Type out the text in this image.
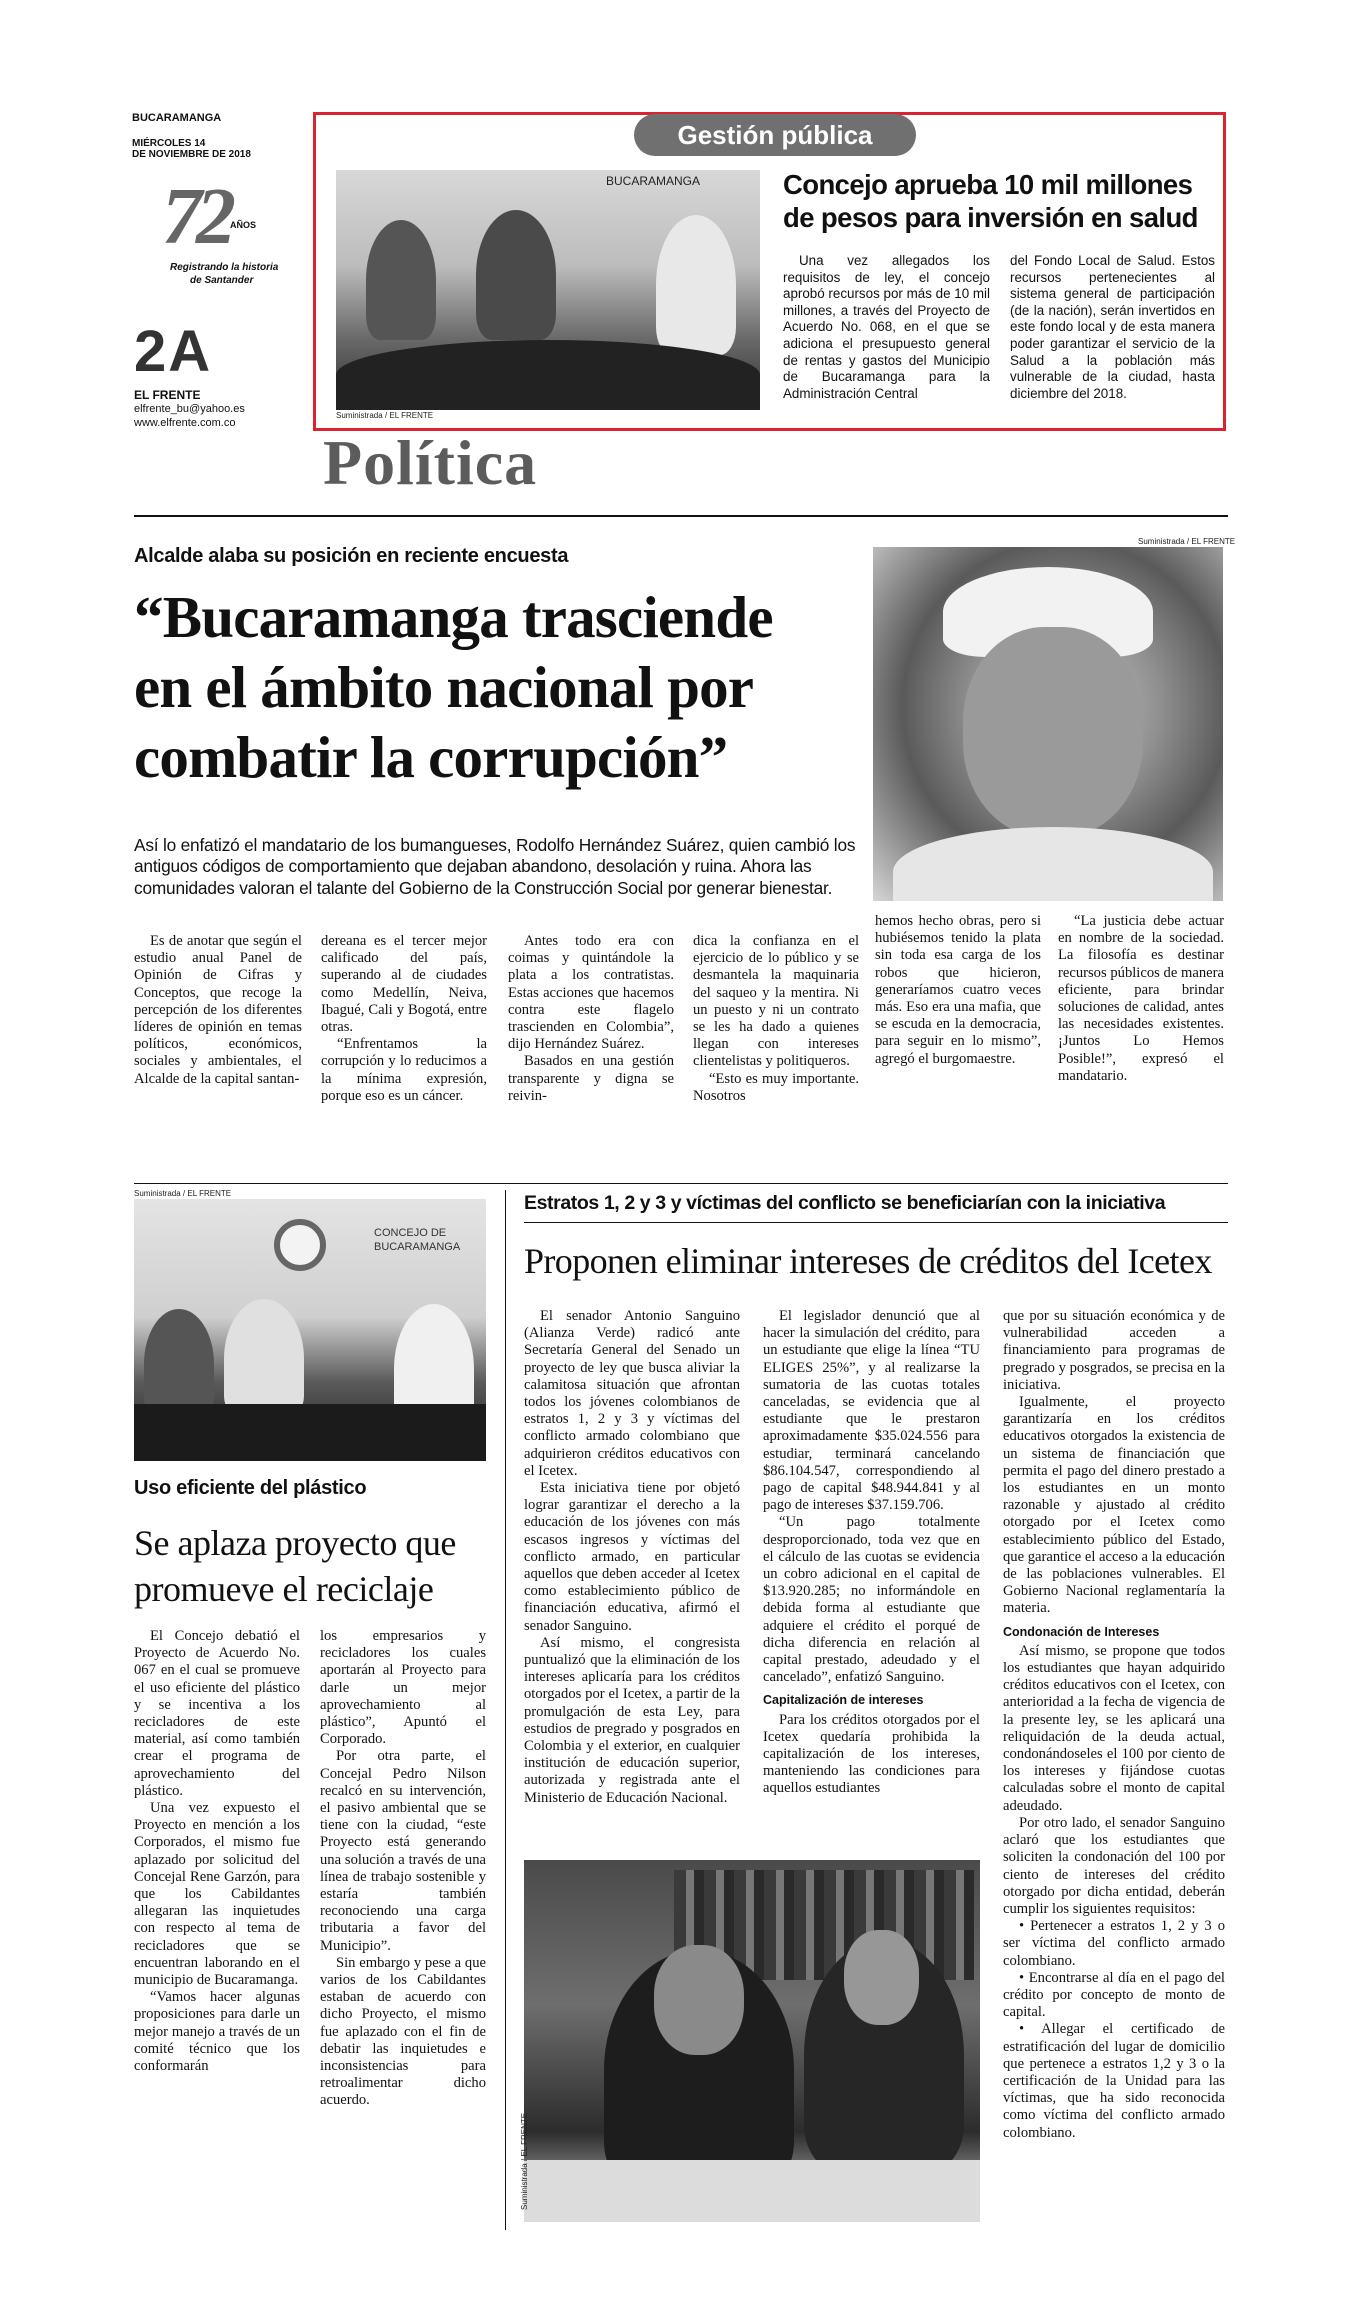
BUCARAMANGA
MIÉRCOLES 14
DE NOVIEMBRE DE 2018
72 AÑOS
Registrando la historia
de Santander
2A
EL FRENTE
elfrente_bu@yahoo.es
www.elfrente.com.co
Gestión pública
BUCARAMANGA
Suministrada / EL FRENTE
Concejo aprueba 10 mil millones
de pesos para inversión en salud

Una vez allegados los requisitos de ley, el concejo aprobó recursos por más de 10 mil millones, a través del Proyecto de Acuerdo No. 068, en el que se adiciona el presupuesto general de rentas y gastos del Municipio de Bucaramanga para la Administración Central

del Fondo Local de Salud. Estos recursos pertenecientes al sistema general de participación (de la nación), serán invertidos en este fondo local y de esta manera poder garantizar el servicio de la Salud a la población más vulnerable de la ciudad, hasta diciembre del 2018.

Política
Alcalde alaba su posición en reciente encuesta
“Bucaramanga trasciende
en el ámbito nacional por
combatir la corrupción”
Suministrada / EL FRENTE
Así lo enfatizó el mandatario de los bumangueses, Rodolfo Hernández Suárez, quien cambió los antiguos códigos de comportamiento que dejaban abandono, desolación y ruina. Ahora las comunidades valoran el talante del Gobierno de la Construcción Social por generar bienestar.

Es de anotar que según el estudio anual Panel de Opinión de Cifras y Conceptos, que recoge la percepción de los diferentes líderes de opinión en temas políticos, económicos, sociales y ambientales, el Alcalde de la capital santan-

dereana es el tercer mejor calificado del país, superando al de ciudades como Medellín, Neiva, Ibagué, Cali y Bogotá, entre otras.

“Enfrentamos la corrupción y lo reducimos a la mínima expresión, porque eso es un cáncer.

Antes todo era con coimas y quintándole la plata a los contratistas. Estas acciones que hacemos contra este flagelo trascienden en Colombia”, dijo Hernández Suárez.

Basados en una gestión transparente y digna se reivin-

dica la confianza en el ejercicio de lo público y se desmantela la maquinaria del saqueo y la mentira. Ni un puesto y ni un contrato se les ha dado a quienes llegan con intereses clientelistas y politiqueros.

“Esto es muy importante. Nosotros

hemos hecho obras, pero si hubiésemos tenido la plata sin toda esa carga de los robos que hicieron, generaríamos cuatro veces más. Eso era una mafia, que se escuda en la democracia, para seguir en lo mismo”, agregó el burgomaestre.

“La justicia debe actuar en nombre de la sociedad. La filosofía es destinar recursos públicos de manera eficiente, para brindar soluciones de calidad, antes las necesidades existentes. ¡Juntos Lo Hemos Posible!”, expresó el mandatario.

Suministrada / EL FRENTE
CONCEJO DE
BUCARAMANGA
Uso eficiente del plástico
Se aplaza proyecto que
promueve el reciclaje

El Concejo debatió el Proyecto de Acuerdo No. 067 en el cual se promueve el uso eficiente del plástico y se incentiva a los recicladores de este material, así como también crear el programa de aprovechamiento del plástico.

Una vez expuesto el Proyecto en mención a los Corporados, el mismo fue aplazado por solicitud del Concejal Rene Garzón, para que los Cabildantes allegaran las inquietudes con respecto al tema de recicladores que se encuentran laborando en el municipio de Bucaramanga.

“Vamos hacer algunas proposiciones para darle un mejor manejo a través de un comité técnico que los conformarán

los empresarios y recicladores los cuales aportarán al Proyecto para darle un mejor aprovechamiento al plástico”, Apuntó el Corporado.

Por otra parte, el Concejal Pedro Nilson recalcó en su intervención, el pasivo ambiental que se tiene con la ciudad, “este Proyecto está generando una solución a través de una línea de trabajo sostenible y estaría también reconociendo una carga tributaria a favor del Municipio”.

Sin embargo y pese a que varios de los Cabildantes estaban de acuerdo con dicho Proyecto, el mismo fue aplazado con el fin de debatir las inquietudes e inconsistencias para retroalimentar dicho acuerdo.

Estratos 1, 2 y 3 y víctimas del conflicto se beneficiarían con la iniciativa
Proponen eliminar intereses de créditos del Icetex

El senador Antonio Sanguino (Alianza Verde) radicó ante Secretaría General del Senado un proyecto de ley que busca aliviar la calamitosa situación que afrontan todos los jóvenes colombianos de estratos 1, 2 y 3 y víctimas del conflicto armado colombiano que adquirieron créditos educativos con el Icetex.

Esta iniciativa tiene por objetó lograr garantizar el derecho a la educación de los jóvenes con más escasos ingresos y víctimas del conflicto armado, en particular aquellos que deben acceder al Icetex como establecimiento público de financiación educativa, afirmó el senador Sanguino.

Así mismo, el congresista puntualizó que la eliminación de los intereses aplicaría para los créditos otorgados por el Icetex, a partir de la promulgación de esta Ley, para estudios de pregrado y posgrados en Colombia y el exterior, en cualquier institución de educación superior, autorizada y registrada ante el Ministerio de Educación Nacional.

El legislador denunció que al hacer la simulación del crédito, para un estudiante que elige la línea “TU ELIGES 25%”, y al realizarse la sumatoria de las cuotas totales canceladas, se evidencia que al estudiante que le prestaron aproximadamente $35.024.556 para estudiar, terminará cancelando $86.104.547, correspondiendo al pago de capital $48.944.841 y al pago de intereses $37.159.706.

“Un pago totalmente desproporcionado, toda vez que en el cálculo de las cuotas se evidencia un cobro adicional en el capital de $13.920.285; no informándole en debida forma al estudiante que adquiere el crédito el porqué de dicha diferencia en relación al capital prestado, adeudado y el cancelado”, enfatizó Sanguino.

Capitalización de intereses

Para los créditos otorgados por el Icetex quedaría prohibida la capitalización de los intereses, manteniendo las condiciones para aquellos estudiantes

que por su situación económica y de vulnerabilidad acceden a financiamiento para programas de pregrado y posgrados, se precisa en la iniciativa.

Igualmente, el proyecto garantizaría en los créditos educativos otorgados la existencia de un sistema de financiación que permita el pago del dinero prestado a los estudiantes en un monto razonable y ajustado al crédito otorgado por el Icetex como establecimiento público del Estado, que garantice el acceso a la educación de las poblaciones vulnerables. El Gobierno Nacional reglamentaría la materia.

Condonación de Intereses

Así mismo, se propone que todos los estudiantes que hayan adquirido créditos educativos con el Icetex, con anterioridad a la fecha de vigencia de la presente ley, se les aplicará una reliquidación de la deuda actual, condonándoseles el 100 por ciento de los intereses y fijándose cuotas calculadas sobre el monto de capital adeudado.

Por otro lado, el senador Sanguino aclaró que los estudiantes que soliciten la condonación del 100 por ciento de intereses del crédito otorgado por dicha entidad, deberán cumplir los siguientes requisitos:

• Pertenecer a estratos 1, 2 y 3 o ser víctima del conflicto armado colombiano.

• Encontrarse al día en el pago del crédito por concepto de monto de capital.

• Allegar el certificado de estratificación del lugar de domicilio que pertenece a estratos 1,2 y 3 o la certificación de la Unidad para las víctimas, que ha sido reconocida como víctima del conflicto armado colombiano.

Suministrada / EL FRENTE
